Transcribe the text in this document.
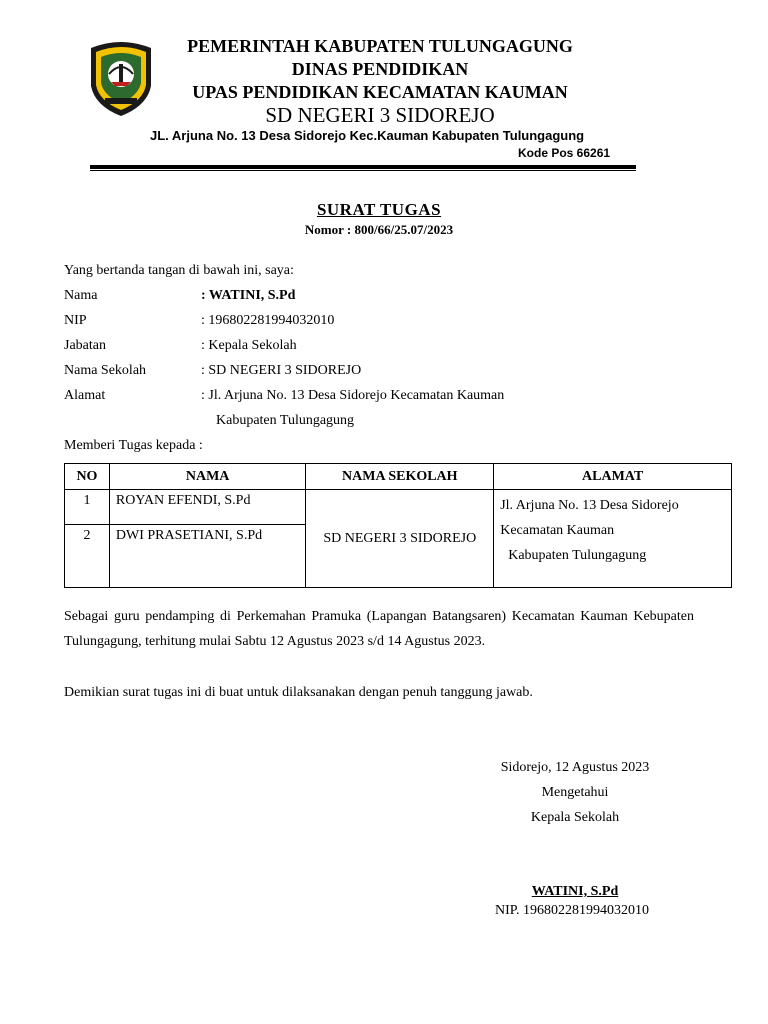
PEMERINTAH KABUPATEN TULUNGAGUNG
DINAS PENDIDIKAN
UPAS PENDIDIKAN KECAMATAN KAUMAN
SD NEGERI 3 SIDOREJO
JL. Arjuna No. 13 Desa Sidorejo Kec.Kauman Kabupaten Tulungagung
Kode Pos 66261
SURAT TUGAS
Nomor : 800/66/25.07/2023
Yang bertanda tangan di bawah ini, saya:
Nama	: WATINI, S.Pd
NIP	: 196802281994032010
Jabatan	: Kepala Sekolah
Nama Sekolah	: SD NEGERI 3 SIDOREJO
Alamat	: Jl. Arjuna No. 13 Desa Sidorejo Kecamatan Kauman
Kabupaten Tulungagung
Memberi Tugas kepada :
NO	NAMA	NAMA SEKOLAH	ALAMAT
1	ROYAN EFENDI, S.Pd	SD NEGERI 3 SIDOREJO	Jl. Arjuna No. 13 Desa Sidorejo
Kecamatan Kauman
Kabupaten Tulungagung

2	DWI PRASETIANI, S.Pd		
Sebagai guru pendamping di Perkemahan Pramuka (Lapangan Batangsaren) Kecamatan Kauman Kebupaten Tulungagung, terhitung mulai Sabtu 12 Agustus 2023 s/d 14 Agustus 2023.
Demikian surat tugas ini di buat untuk dilaksanakan dengan penuh tanggung jawab.
Sidorejo, 12 Agustus 2023
Mengetahui
Kepala Sekolah
WATINI, S.Pd
NIP. 196802281994032010
